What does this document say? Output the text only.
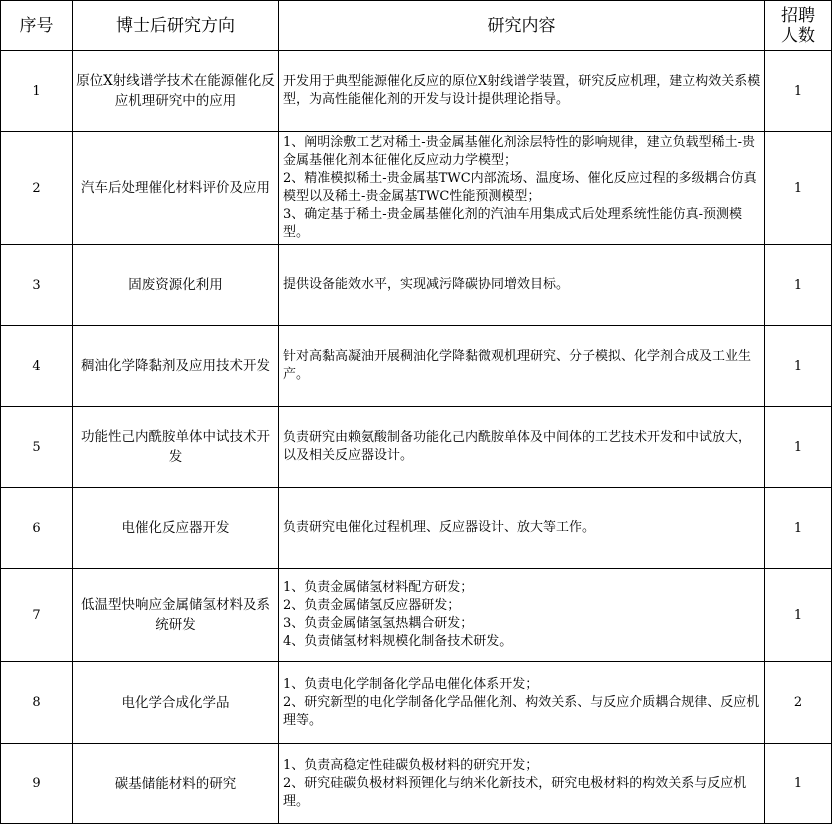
序号	博士后研究方向	研究内容	招聘人数
1	原位X射线谱学技术在能源催化反应机理研究中的应用	开发用于典型能源催化反应的原位X射线谱学装置，研究反应机理，建立构效关系模型，为高性能催化剂的开发与设计提供理论指导。	1
2	汽车后处理催化材料评价及应用	1、阐明涂敷工艺对稀土-贵金属基催化剂涂层特性的影响规律，建立负载型稀土-贵金属基催化剂本征催化反应动力学模型；
2、精准模拟稀土-贵金属基TWC内部流场、温度场、催化反应过程的多级耦合仿真模型以及稀土-贵金属基TWC性能预测模型；
3、确定基于稀土-贵金属基催化剂的汽油车用集成式后处理系统性能仿真-预测模型。	1
3	固废资源化利用	提供设备能效水平，实现减污降碳协同增效目标。	1
4	稠油化学降黏剂及应用技术开发	针对高黏高凝油开展稠油化学降黏微观机理研究、分子模拟、化学剂合成及工业生产。	1
5	功能性己内酰胺单体中试技术开发	负责研究由赖氨酸制备功能化己内酰胺单体及中间体的工艺技术开发和中试放大，以及相关反应器设计。	1
6	电催化反应器开发	负责研究电催化过程机理、反应器设计、放大等工作。	1
7	低温型快响应金属储氢材料及系统研发	1、负责金属储氢材料配方研发；
2、负责金属储氢反应器研发；
3、负责金属储氢氢热耦合研发；
4、负责储氢材料规模化制备技术研发。	1
8	电化学合成化学品	1、负责电化学制备化学品电催化体系开发；
2、研究新型的电化学制备化学品催化剂、构效关系、与反应介质耦合规律、反应机理等。	2
9	碳基储能材料的研究	1、负责高稳定性硅碳负极材料的研究开发；
2、研究硅碳负极材料预锂化与纳米化新技术，研究电极材料的构效关系与反应机理。	1
